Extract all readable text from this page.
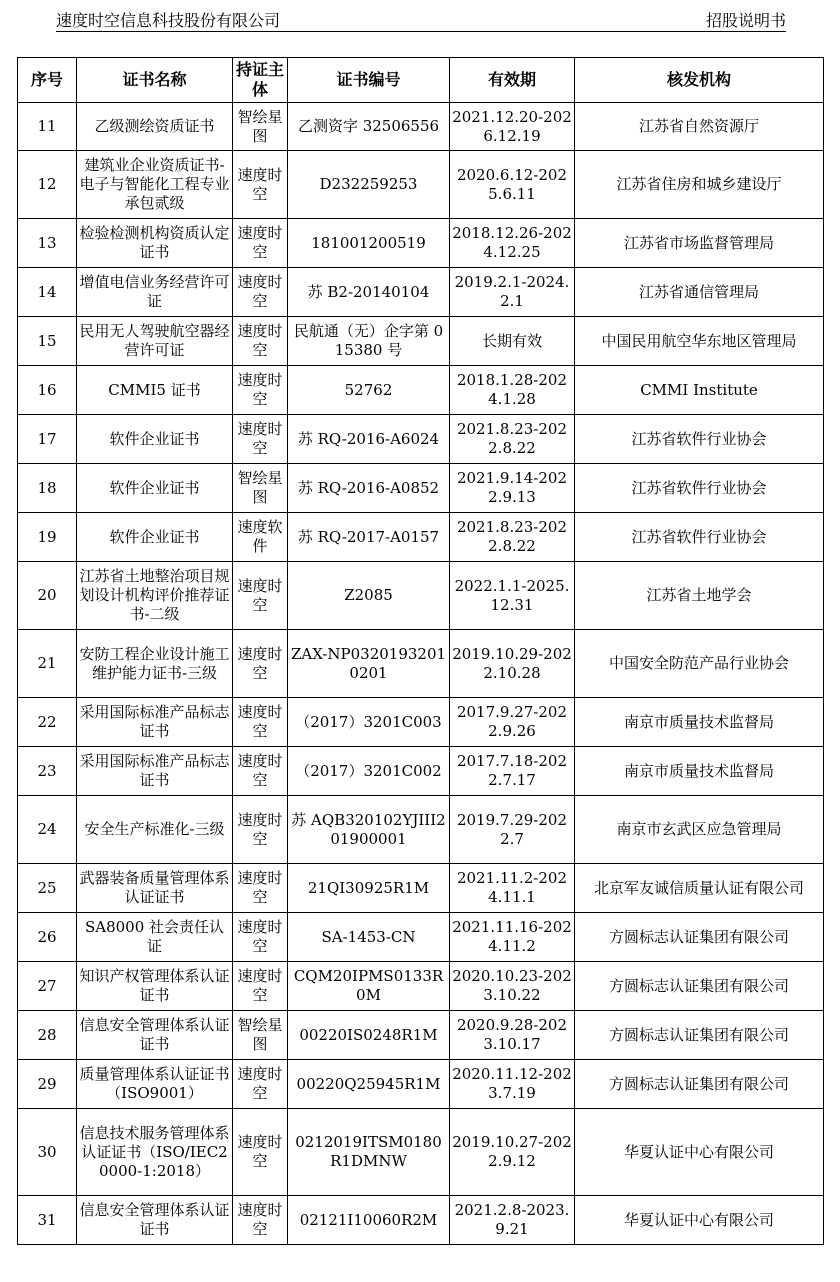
速度时空信息科技股份有限公司	招股说明书
序号	证书名称	持证主体	证书编号	有效期	核发机构
11	乙级测绘资质证书	智绘星图	乙测资字 32506556	2021.12.20-2026.12.19	江苏省自然资源厅
12	建筑业企业资质证书-电子与智能化工程专业承包贰级	速度时空	D232259253	2020.6.12-2025.6.11	江苏省住房和城乡建设厅
13	检验检测机构资质认定证书	速度时空	181001200519	2018.12.26-2024.12.25	江苏省市场监督管理局
14	增值电信业务经营许可证	速度时空	苏 B2-20140104	2019.2.1-2024.2.1	江苏省通信管理局
15	民用无人驾驶航空器经营许可证	速度时空	民航通（无）企字第 015380 号	长期有效	中国民用航空华东地区管理局
16	CMMI5 证书	速度时空	52762	2018.1.28-2024.1.28	CMMI Institute
17	软件企业证书	速度时空	苏 RQ-2016-A6024	2021.8.23-2022.8.22	江苏省软件行业协会
18	软件企业证书	智绘星图	苏 RQ-2016-A0852	2021.9.14-2022.9.13	江苏省软件行业协会
19	软件企业证书	速度软件	苏 RQ-2017-A0157	2021.8.23-2022.8.22	江苏省软件行业协会
20	江苏省土地整治项目规划设计机构评价推荐证书-二级	速度时空	Z2085	2022.1.1-2025.12.31	江苏省土地学会
21	安防工程企业设计施工维护能力证书-三级	速度时空	ZAX-NP03201932010201	2019.10.29-2022.10.28	中国安全防范产品行业协会
22	采用国际标准产品标志证书	速度时空	（2017）3201C003	2017.9.27-2022.9.26	南京市质量技术监督局
23	采用国际标准产品标志证书	速度时空	（2017）3201C002	2017.7.18-2022.7.17	南京市质量技术监督局
24	安全生产标准化-三级	速度时空	苏 AQB320102YJIII201900001	2019.7.29-2022.7	南京市玄武区应急管理局
25	武器装备质量管理体系认证证书	速度时空	21QI30925R1M	2021.11.2-2024.11.1	北京军友诚信质量认证有限公司
26	SA8000 社会责任认证	速度时空	SA-1453-CN	2021.11.16-2024.11.2	方圆标志认证集团有限公司
27	知识产权管理体系认证证书	速度时空	CQM20IPMS0133R0M	2020.10.23-2023.10.22	方圆标志认证集团有限公司
28	信息安全管理体系认证证书	智绘星图	00220IS0248R1M	2020.9.28-2023.10.17	方圆标志认证集团有限公司
29	质量管理体系认证证书（ISO9001）	速度时空	00220Q25945R1M	2020.11.12-2023.7.19	方圆标志认证集团有限公司
30	信息技术服务管理体系认证证书（ISO/IEC20000-1:2018）	速度时空	0212019ITSM0180R1DMNW	2019.10.27-2022.9.12	华夏认证中心有限公司
31	信息安全管理体系认证证书	速度时空	02121I10060R2M	2021.2.8-2023.9.21	华夏认证中心有限公司
